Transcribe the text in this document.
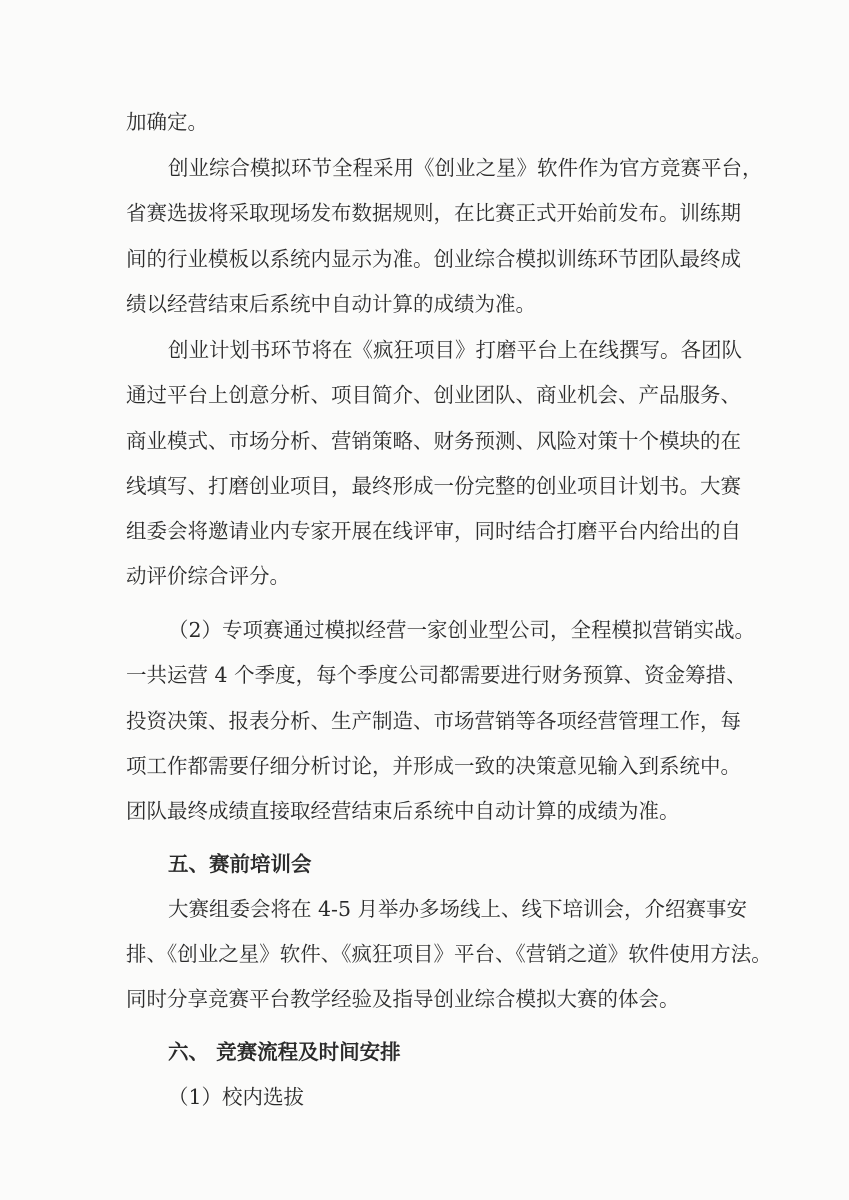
加确定。
创业综合模拟环节全程采用《创业之星》软件作为官方竞赛平台，
省赛选拔将采取现场发布数据规则，在比赛正式开始前发布。训练期
间的行业模板以系统内显示为准。创业综合模拟训练环节团队最终成
绩以经营结束后系统中自动计算的成绩为准。
创业计划书环节将在《疯狂项目》打磨平台上在线撰写。各团队
通过平台上创意分析、项目简介、创业团队、商业机会、产品服务、
商业模式、市场分析、营销策略、财务预测、风险对策十个模块的在
线填写、打磨创业项目，最终形成一份完整的创业项目计划书。大赛
组委会将邀请业内专家开展在线评审，同时结合打磨平台内给出的自
动评价综合评分。
（2）专项赛通过模拟经营一家创业型公司，全程模拟营销实战。
一共运营 4 个季度，每个季度公司都需要进行财务预算、资金筹措、
投资决策、报表分析、生产制造、市场营销等各项经营管理工作，每
项工作都需要仔细分析讨论，并形成一致的决策意见输入到系统中。
团队最终成绩直接取经营结束后系统中自动计算的成绩为准。
五、赛前培训会
大赛组委会将在 4-5 月举办多场线上、线下培训会，介绍赛事安
排、《创业之星》软件、《疯狂项目》平台、《营销之道》软件使用方法。
同时分享竞赛平台教学经验及指导创业综合模拟大赛的体会。
六、 竞赛流程及时间安排
（1）校内选拔
